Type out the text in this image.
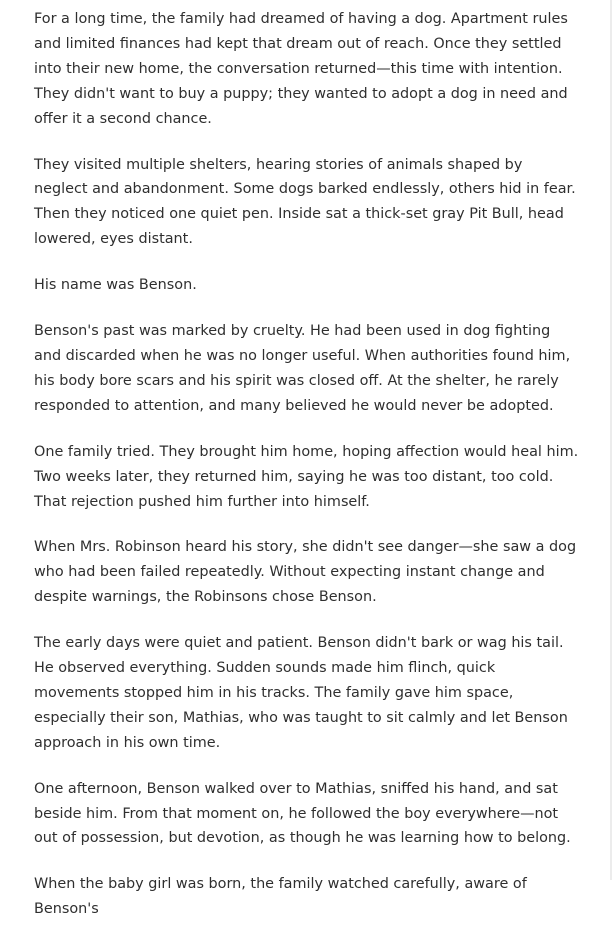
For a long time, the family had dreamed of having a dog. Apartment rules and limited finances had kept that dream out of reach. Once they settled into their new home, the conversation returned—this time with intention. They didn't want to buy a puppy; they wanted to adopt a dog in need and offer it a second chance.

They visited multiple shelters, hearing stories of animals shaped by neglect and abandonment. Some dogs barked endlessly, others hid in fear. Then they noticed one quiet pen. Inside sat a thick-set gray Pit Bull, head lowered, eyes distant.

His name was Benson.

Benson's past was marked by cruelty. He had been used in dog fighting and discarded when he was no longer useful. When authorities found him, his body bore scars and his spirit was closed off. At the shelter, he rarely responded to attention, and many believed he would never be adopted.

One family tried. They brought him home, hoping affection would heal him. Two weeks later, they returned him, saying he was too distant, too cold. That rejection pushed him further into himself.

When Mrs. Robinson heard his story, she didn't see danger—she saw a dog who had been failed repeatedly. Without expecting instant change and despite warnings, the Robinsons chose Benson.

The early days were quiet and patient. Benson didn't bark or wag his tail. He observed everything. Sudden sounds made him flinch, quick movements stopped him in his tracks. The family gave him space, especially their son, Mathias, who was taught to sit calmly and let Benson approach in his own time.

One afternoon, Benson walked over to Mathias, sniffed his hand, and sat beside him. From that moment on, he followed the boy everywhere—not out of possession, but devotion, as though he was learning how to belong.

When the baby girl was born, the family watched carefully, aware of Benson's
